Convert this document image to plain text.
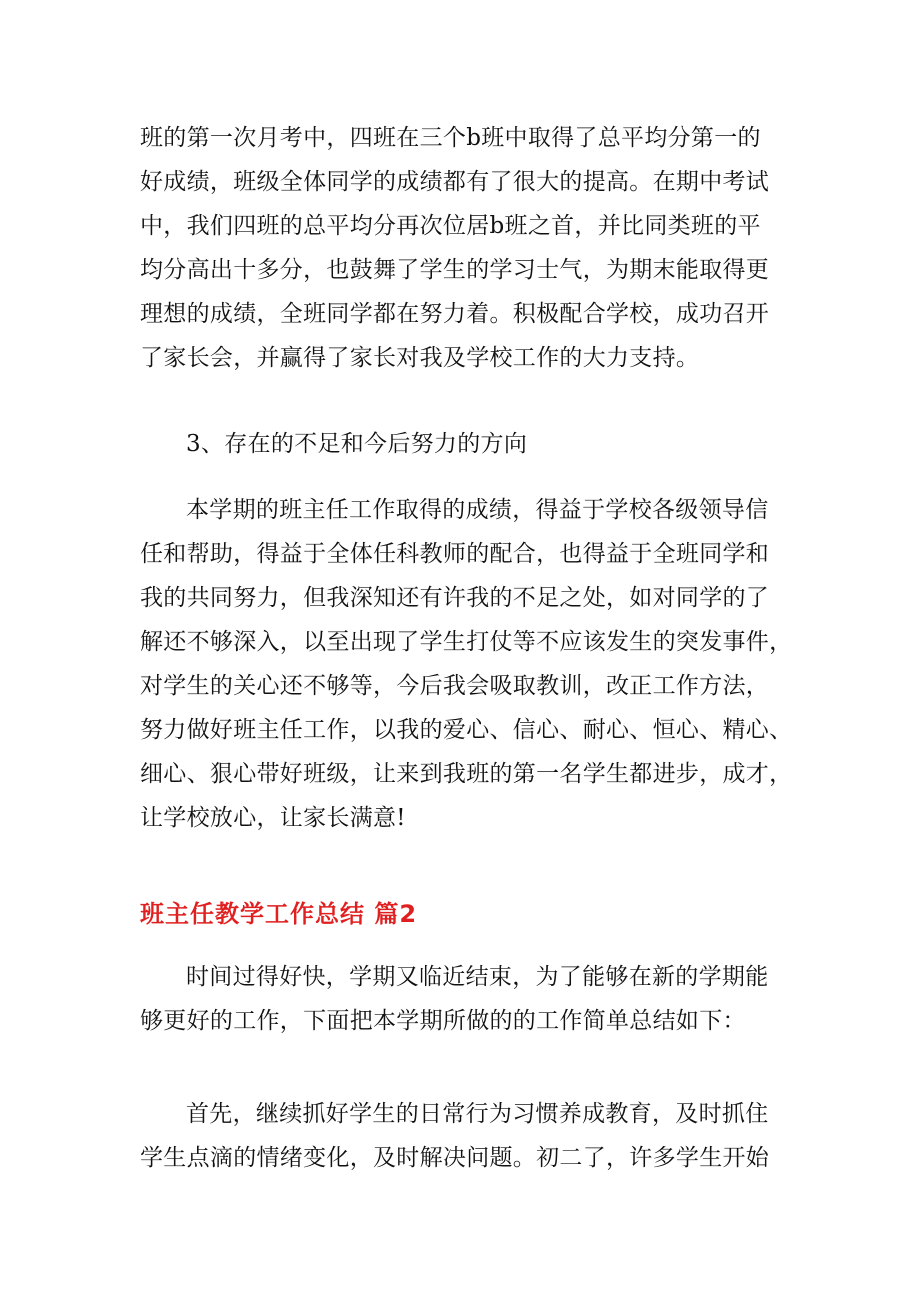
班的第一次月考中，四班在三个b班中取得了总平均分第一的
好成绩，班级全体同学的成绩都有了很大的提高。在期中考试
中，我们四班的总平均分再次位居b班之首，并比同类班的平
均分高出十多分，也鼓舞了学生的学习士气，为期末能取得更
理想的成绩，全班同学都在努力着。积极配合学校，成功召开
了家长会，并赢得了家长对我及学校工作的大力支持。
3、存在的不足和今后努力的方向
本学期的班主任工作取得的成绩，得益于学校各级领导信
任和帮助，得益于全体任科教师的配合，也得益于全班同学和
我的共同努力，但我深知还有许我的不足之处，如对同学的了
解还不够深入，以至出现了学生打仗等不应该发生的突发事件，
对学生的关心还不够等，今后我会吸取教训，改正工作方法，
努力做好班主任工作，以我的爱心、信心、耐心、恒心、精心、
细心、狠心带好班级，让来到我班的第一名学生都进步，成才，
让学校放心，让家长满意!
班主任教学工作总结 篇2
时间过得好快，学期又临近结束，为了能够在新的学期能
够更好的工作，下面把本学期所做的的工作简单总结如下：
首先，继续抓好学生的日常行为习惯养成教育，及时抓住
学生点滴的情绪变化，及时解决问题。初二了，许多学生开始
